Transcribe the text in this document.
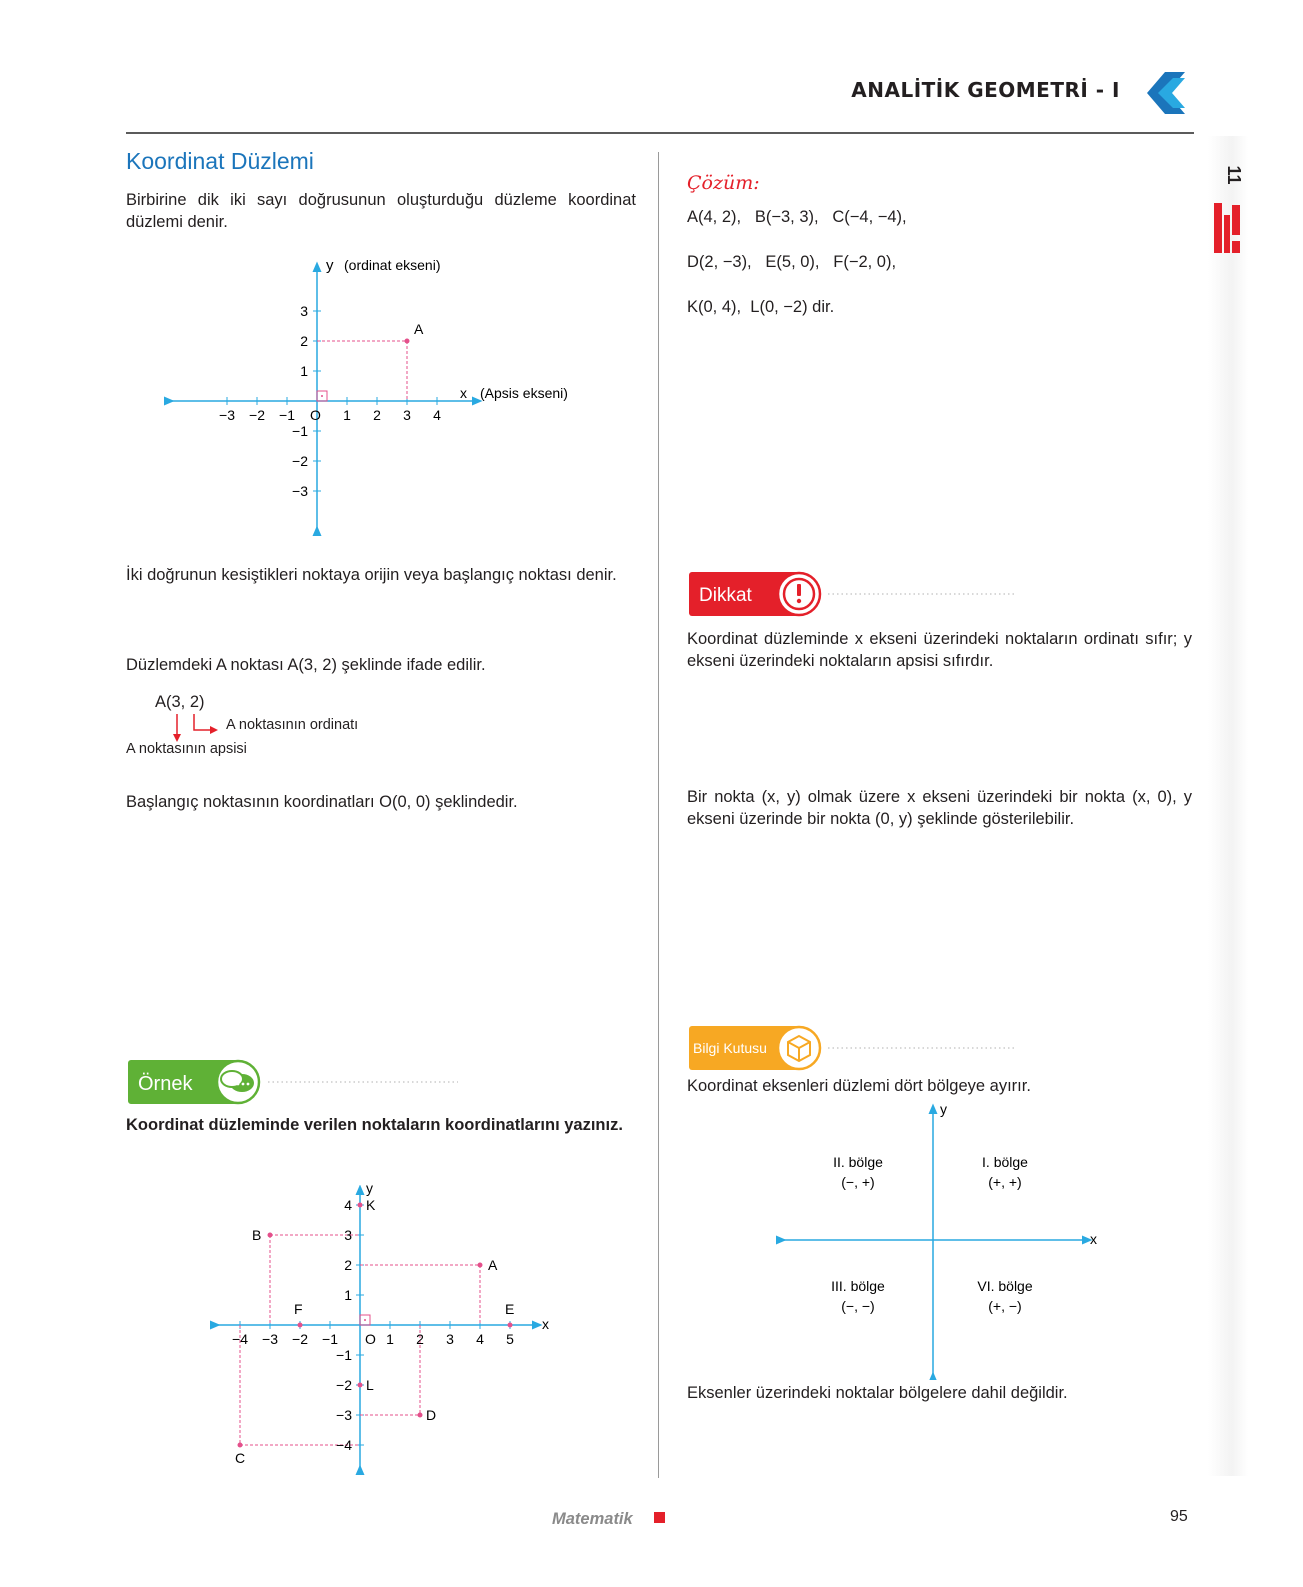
ANALİTİK GEOMETRİ - I
11
Koordinat Düzlemi
Birbirine dik iki sayı doğrusunun oluşturduğu düzleme koordinat düzlemi denir.
A
y (ordinat ekseni)
x (Apsis ekseni)
O 1 2 3 4
−3 −2 −1
3
2
1
−1
−2
−3
İki doğrunun kesiştikleri noktaya orijin veya başlangıç noktası denir.
Düzlemdeki A noktası A(3, 2) şeklinde ifade edilir.
A(3, 2)
A noktasının ordinatı
A noktasının apsisi
Başlangıç noktasının koordinatları O(0, 0) şeklindedir.
Örnek
Koordinat düzleminde verilen noktaların koordinatlarını yazınız.
K
B
A
F	E
L
D
C
y
x
O
−4 −3 −2 −1	1 2 3 4 5
4
3
2
1
−1
−2
−3
−4
Çözüm:
A(4, 2),   B(−3, 3),   C(−4, −4),
D(2, −3),   E(5, 0),   F(−2, 0),
K(0, 4),  L(0, −2) dir.
Dikkat
Koordinat düzleminde x ekseni üzerindeki noktaların ordinatı sıfır; y ekseni üzerindeki noktaların apsisi sıfırdır.
Bir nokta (x, y) olmak üzere x ekseni üzerindeki bir nokta (x, 0), y ekseni üzerinde bir nokta (0, y) şeklinde gösterilebilir.
Bilgi Kutusu
Koordinat eksenleri düzlemi dört bölgeye ayırır.
y
x
II. bölge
(−, +)
I. bölge
(+, +)
III. bölge
(−, −)
VI. bölge
(+, −)
Eksenler üzerindeki noktalar bölgelere dahil değildir.
Matematik	95
